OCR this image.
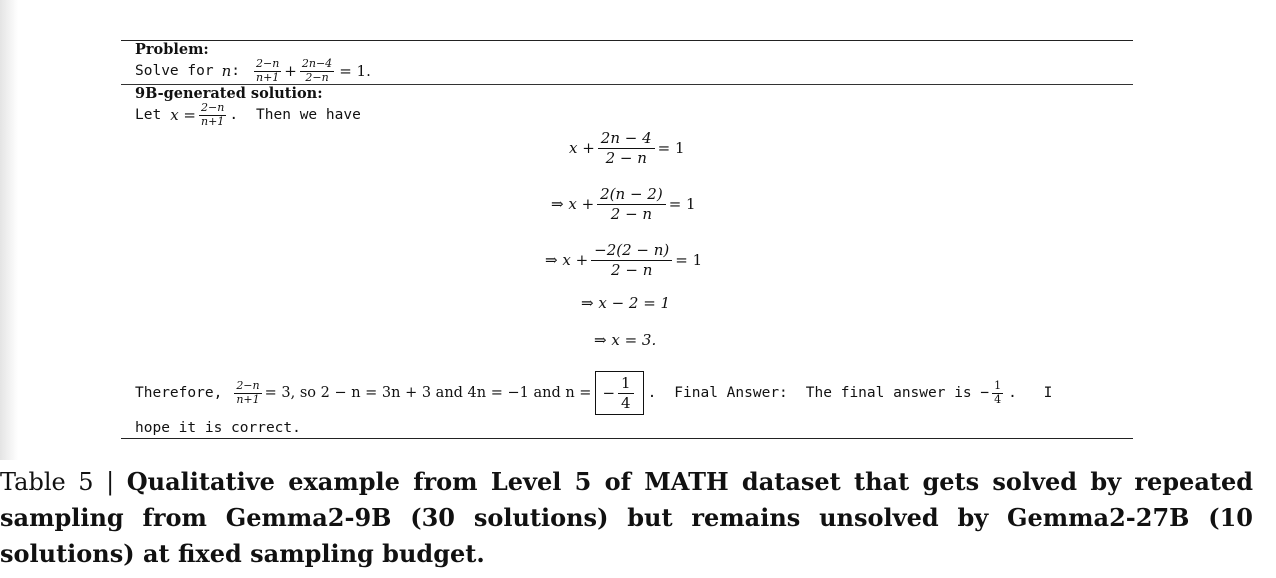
Problem:
Solve for n : $\frac{2-n}{n+1} + \frac{2n-4}{2-n} = 1$.
9B-generated solution:
Let $x = \frac{2-n}{n+1}$ . Then we have
$x + \frac{2n - 4}{2 - n} = 1$
⇒ $x + \frac{2(n - 2)}{2 - n} = 1$
⇒ $x + \frac{-2(2 - n)}{2 - n} = 1$
⇒ x − 2 = 1
⇒ x = 3.
Therefore, $\frac{2-n}{n+1} = 3$, so 2 − n = 3n + 3 and 4n = −1 and n = − $\frac{1}{4}$ . Final Answer: The final answer is − $\frac{1}{4}$ . I
hope it is correct.
Table 5 | Qualitative example from Level 5 of MATH dataset that gets solved by repeated sampling from Gemma2-9B (30 solutions) but remains unsolved by Gemma2-27B (10 solutions) at fixed sampling budget.
